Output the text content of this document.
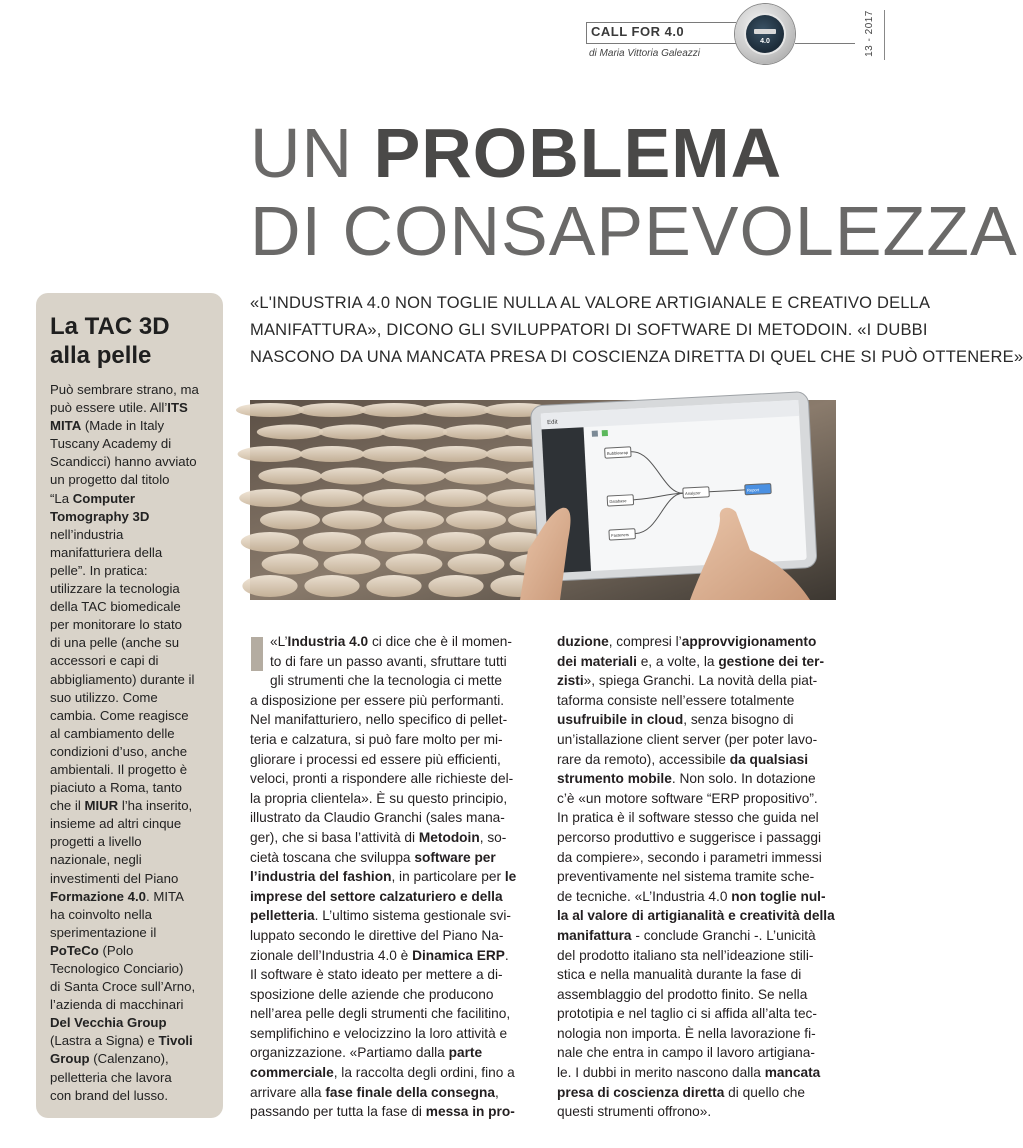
CALL FOR 4.0
di Maria Vittoria Galeazzi
4.0	13 - 2017
UN PROBLEMA
DI CONSAPEVOLEZZA

«L'INDUSTRIA 4.0 NON TOGLIE NULLA AL VALORE ARTIGIANALE E CREATIVO DELLA

MANIFATTURA», DICONO GLI SVILUPPATORI DI SOFTWARE DI METODOIN. «I DUBBI

NASCONO DA UNA MANCATA PRESA DI COSCIENZA DIRETTA DI QUEL CHE SI PUÒ OTTENERE»

La TAC 3D
alla pelle
Può sembrare strano, ma
può essere utile. All’ITS
MITA (Made in Italy
Tuscany Academy di
Scandicci) hanno avviato
un progetto dal titolo
“La Computer
Tomography 3D
nell’industria
manifatturiera della
pelle”. In pratica:
utilizzare la tecnologia
della TAC biomedicale
per monitorare lo stato
di una pelle (anche su
accessori e capi di
abbigliamento) durante il
suo utilizzo. Come
cambia. Come reagisce
al cambiamento delle
condizioni d’uso, anche
ambientali. Il progetto è
piaciuto a Roma, tanto
che il MIUR l’ha inserito,
insieme ad altri cinque
progetti a livello
nazionale, negli
investimenti del Piano
Formazione 4.0. MITA
ha coinvolto nella
sperimentazione il
PoTeCo (Polo
Tecnologico Conciario)
di Santa Croce sull’Arno,
l’azienda di macchinari
Del Vecchia Group
(Lastra a Signa) e Tivoli
Group (Calenzano),
pelletteria che lavora
con brand del lusso.
Edit
Bubblewrap
Database
Fasteners
Analyzer
Report
«L’Industria 4.0 ci dice che è il momen-
to di fare un passo avanti, sfruttare tutti
gli strumenti che la tecnologia ci mette
a disposizione per essere più performanti.
Nel manifatturiero, nello specifico di pellet-
teria e calzatura, si può fare molto per mi-
gliorare i processi ed essere più efficienti,
veloci, pronti a rispondere alle richieste del-
la propria clientela». È su questo principio,
illustrato da Claudio Granchi (sales mana-
ger), che si basa l’attività di Metodoin, so-
cietà toscana che sviluppa software per
l’industria del fashion, in particolare per le
imprese del settore calzaturiero e della
pelletteria. L’ultimo sistema gestionale svi-
luppato secondo le direttive del Piano Na-
zionale dell’Industria 4.0 è Dinamica ERP.
Il software è stato ideato per mettere a di-
sposizione delle aziende che producono
nell’area pelle degli strumenti che facilitino,
semplifichino e velocizzino la loro attività e
organizzazione. «Partiamo dalla parte
commerciale, la raccolta degli ordini, fino a
arrivare alla fase finale della consegna,
passando per tutta la fase di messa in pro-
duzione, compresi l’approvvigionamento
dei materiali e, a volte, la gestione dei ter-
zisti», spiega Granchi. La novità della piat-
taforma consiste nell’essere totalmente
usufruibile in cloud, senza bisogno di
un’istallazione client server (per poter lavo-
rare da remoto), accessibile da qualsiasi
strumento mobile. Non solo. In dotazione
c’è «un motore software “ERP propositivo”.
In pratica è il software stesso che guida nel
percorso produttivo e suggerisce i passaggi
da compiere», secondo i parametri immessi
preventivamente nel sistema tramite sche-
de tecniche. «L’Industria 4.0 non toglie nul-
la al valore di artigianalità e creatività della
manifattura - conclude Granchi -. L’unicità
del prodotto italiano sta nell’ideazione stili-
stica e nella manualità durante la fase di
assemblaggio del prodotto finito. Se nella
prototipia e nel taglio ci si affida all’alta tec-
nologia non importa. È nella lavorazione fi-
nale che entra in campo il lavoro artigiana-
le. I dubbi in merito nascono dalla mancata
presa di coscienza diretta di quello che
questi strumenti offrono».
